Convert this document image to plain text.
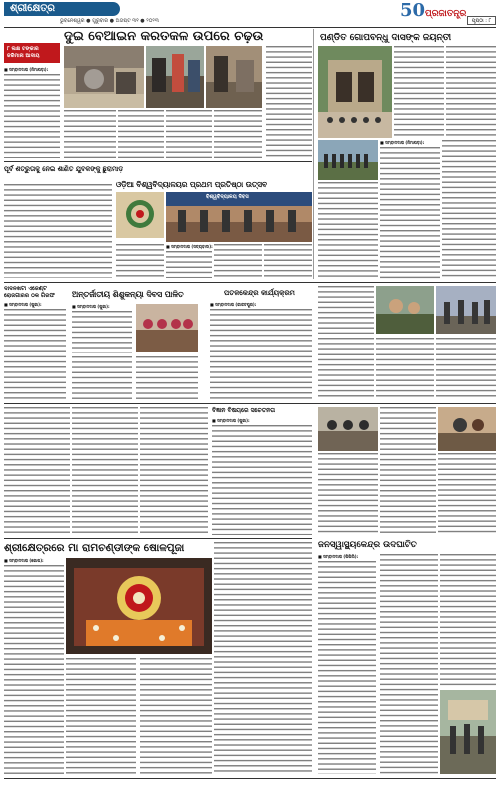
ଶ୍ରୀକ୍ଷେତ୍ର
ଭୁବନେଶ୍ୱର ● ଗୁରୁବାର ● ଅଗଷ୍ଟ ୩୧ ● ୨୦୨୩	50 ପ୍ରଜାତନ୍ତ୍ର
ପୃଷ୍ଠା : ୮
ଦୁଇ ବେଆଇନ କରତକଳ ଉପରେ ଚଢ଼ଉ
୮ ଲକ୍ଷ ଟଙ୍କାର ଜରିମାନା ଆଦାୟ
■ ସମ୍ବାଦଦାତା (ନିମାପଡ଼ା):
ପଣ୍ଡିତ ଗୋପବନ୍ଧୁ ଦାସଙ୍କ ଜୟନ୍ତୀ
■ ସମ୍ବାଦଦାତା (ନିମାପଡ଼ା):
ପୂର୍ବ ଶତ୍ରୁତାକୁ ନେଇ ଶାଣିତ ଯୁବକଙ୍କୁ ଛୁରାମାଡ଼
ଓଡ଼ିଆ ବିଶ୍ୱବିଦ୍ୟାଳୟର ପ୍ରଥମ ପ୍ରତିଷ୍ଠା ଉତ୍ସବ
ବିଶ୍ୱବିଦ୍ୟାଳୟ ଦିବସ
■ ସମ୍ବାଦଦାତା (ସତ୍ୟବାଦୀ):
ଦାଦନଖଟା ଏଜେଣ୍ଟ ରୋଜଗାରର ଠକ ଗିରଫ
■ ସମ୍ବାଦଦାତା (ପୁରୀ):
ଅନ୍ତର୍ଜାତୀୟ ଶିଶୁକନ୍ୟା ଦିବସ ପାଳିତ
■ ସମ୍ବାଦଦାତା (ପୁରୀ):
ପତଳକେନ୍ଦ୍ର କାର୍ଯ୍ୟକ୍ରମ
■ ସମ୍ବାଦଦାତା (କାକଟପୁର):
ବିଜ୍ଞାନ ବିଷୟରେ ସଚେତନତା
■ ସମ୍ବାଦଦାତା (ପୁରୀ):
ଶ୍ରୀକ୍ଷେତ୍ରରେ ମା ରାମଚଣ୍ଡୀଙ୍କ ଷୋଳପୂଜା
■ ସମ୍ବାଦଦାତା (ଗୋପ):
ଜନସ୍ୱାସ୍ଥ୍ୟକେନ୍ଦ୍ର ଉଦଘାଟିତ
■ ସମ୍ବାଦଦାତା (ପିପିଲି):
